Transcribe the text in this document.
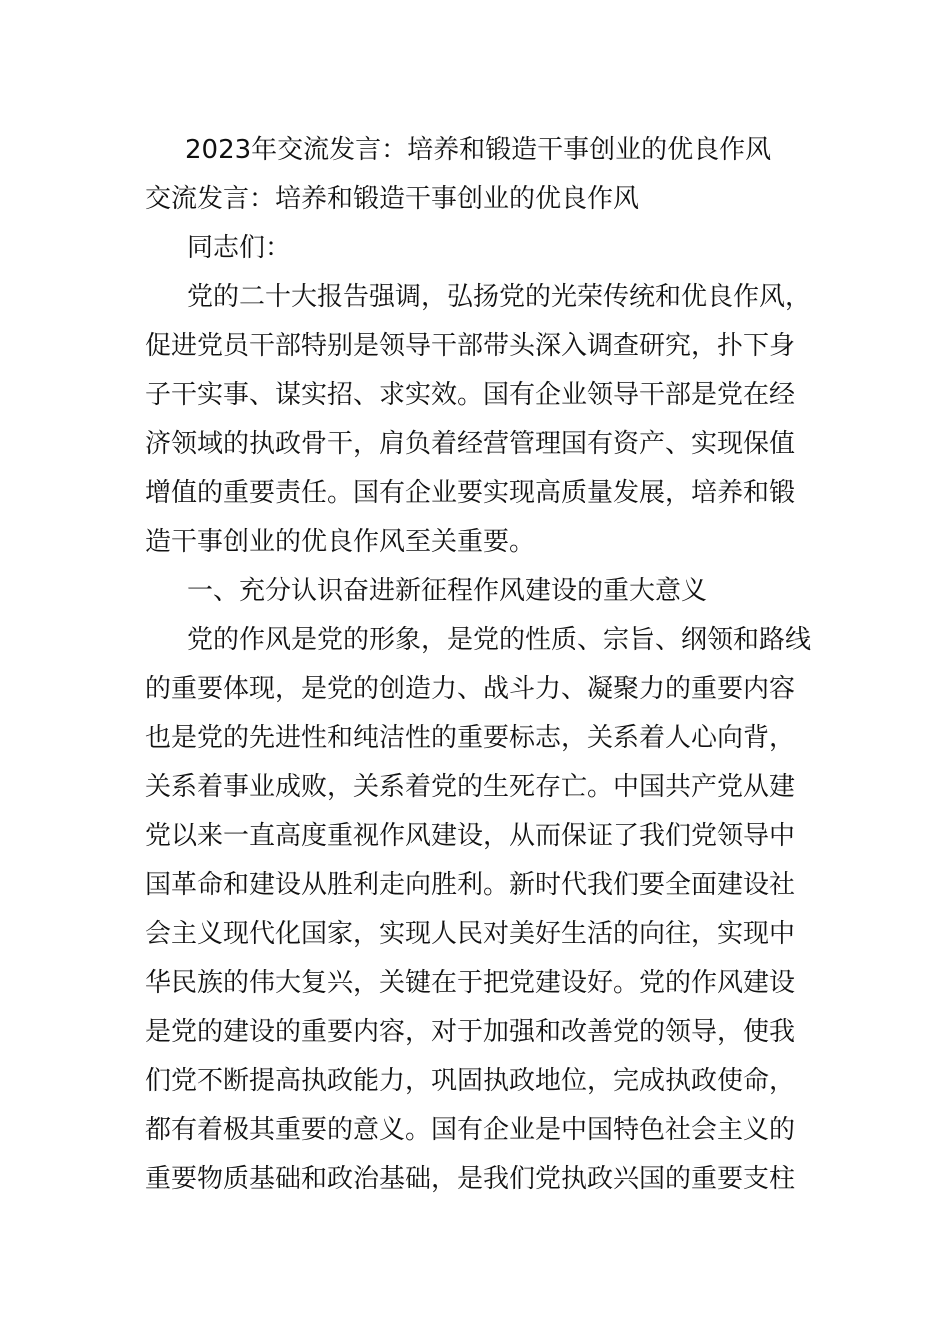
2023年交流发言：培养和锻造干事创业的优良作风
交流发言：培养和锻造干事创业的优良作风
同志们：
党的二十大报告强调，弘扬党的光荣传统和优良作风，
促进党员干部特别是领导干部带头深入调查研究，扑下身
子干实事、谋实招、求实效。国有企业领导干部是党在经
济领域的执政骨干，肩负着经营管理国有资产、实现保值
增值的重要责任。国有企业要实现高质量发展，培养和锻
造干事创业的优良作风至关重要。
一、充分认识奋进新征程作风建设的重大意义
党的作风是党的形象，是党的性质、宗旨、纲领和路线
的重要体现，是党的创造力、战斗力、凝聚力的重要内容
也是党的先进性和纯洁性的重要标志，关系着人心向背，
关系着事业成败，关系着党的生死存亡。中国共产党从建
党以来一直高度重视作风建设，从而保证了我们党领导中
国革命和建设从胜利走向胜利。新时代我们要全面建设社
会主义现代化国家，实现人民对美好生活的向往，实现中
华民族的伟大复兴，关键在于把党建设好。党的作风建设
是党的建设的重要内容，对于加强和改善党的领导，使我
们党不断提高执政能力，巩固执政地位，完成执政使命，
都有着极其重要的意义。国有企业是中国特色社会主义的
重要物质基础和政治基础，是我们党执政兴国的重要支柱
